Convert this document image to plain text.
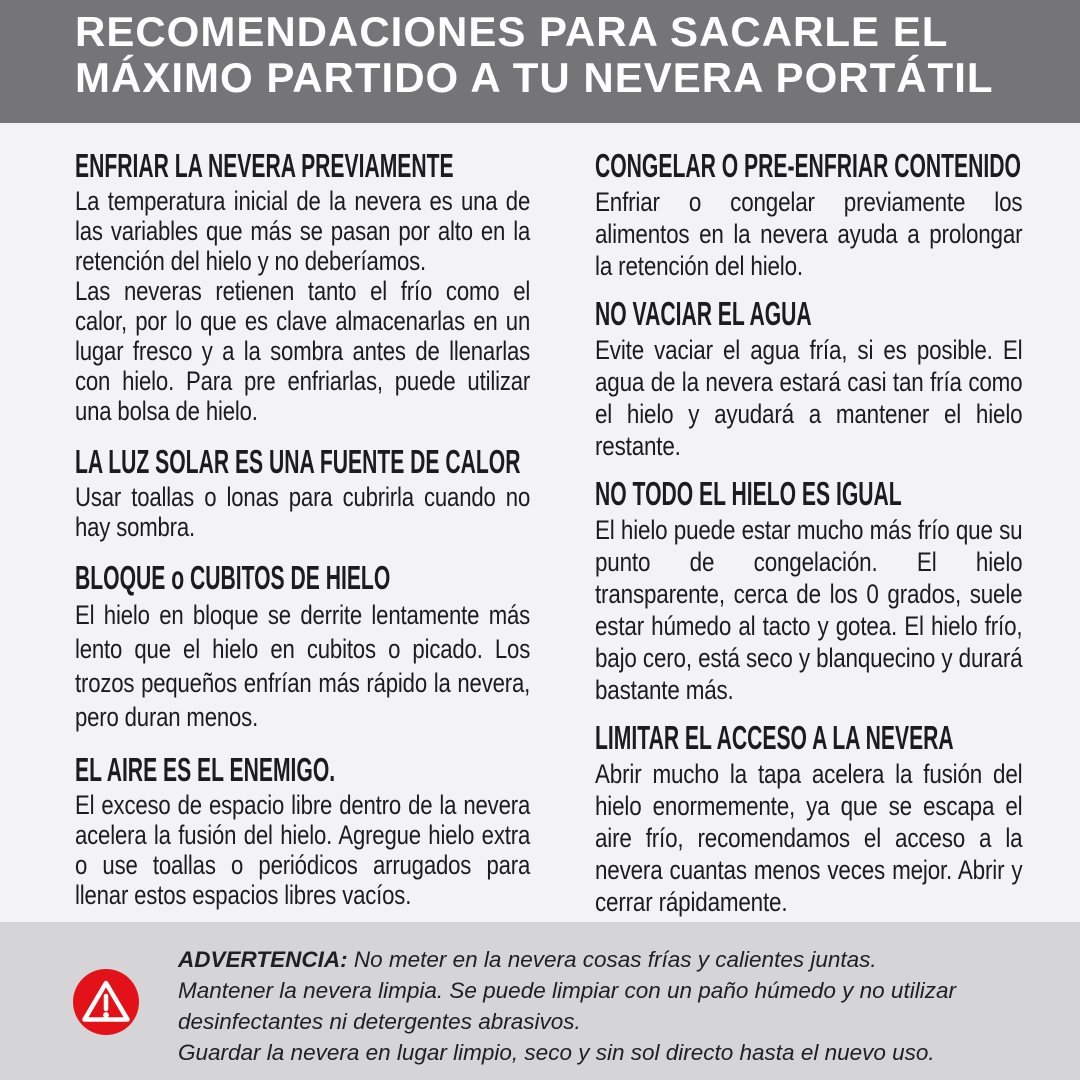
RECOMENDACIONES PARA SACARLE EL MÁXIMO PARTIDO A TU NEVERA PORTÁTIL
ENFRIAR LA NEVERA PREVIAMENTE

La temperatura inicial de la nevera es una de las variables que más se pasan por alto en la retención del hielo y no deberíamos.

Las neveras retienen tanto el frío como el calor, por lo que es clave almacenarlas en un lugar fresco y a la sombra antes de llenarlas con hielo. Para pre enfriarlas, puede utilizar una bolsa de hielo.

LA LUZ SOLAR ES UNA FUENTE DE CALOR

Usar toallas o lonas para cubrirla cuando no hay sombra.

BLOQUE o CUBITOS DE HIELO

El hielo en bloque se derrite lentamente más lento que el hielo en cubitos o picado. Los trozos pequeños enfrían más rápido la nevera, pero duran menos.

EL AIRE ES EL ENEMIGO.

El exceso de espacio libre dentro de la nevera acelera la fusión del hielo. Agregue hielo extra o use toallas o periódicos arrugados para llenar estos espacios libres vacíos.

CONGELAR O PRE-ENFRIAR CONTENIDO

Enfriar o congelar previamente los alimentos en la nevera ayuda a prolongar la retención del hielo.

NO VACIAR EL AGUA

Evite vaciar el agua fría, si es posible. El agua de la nevera estará casi tan fría como el hielo y ayudará a mantener el hielo restante.

NO TODO EL HIELO ES IGUAL

El hielo puede estar mucho más frío que su punto de congelación. El hielo transparente, cerca de los 0 grados, suele estar húmedo al tacto y gotea. El hielo frío, bajo cero, está seco y blanquecino y durará bastante más.

LIMITAR EL ACCESO A LA NEVERA

Abrir mucho la tapa acelera la fusión del hielo enormemente, ya que se escapa el aire frío, recomendamos el acceso a la nevera cuantas menos veces mejor. Abrir y cerrar rápidamente.

ADVERTENCIA: No meter en la nevera cosas frías y calientes juntas.
Mantener la nevera limpia. Se puede limpiar con un paño húmedo y no utilizar
desinfectantes ni detergentes abrasivos.
Guardar la nevera en lugar limpio, seco y sin sol directo hasta el nuevo uso.
